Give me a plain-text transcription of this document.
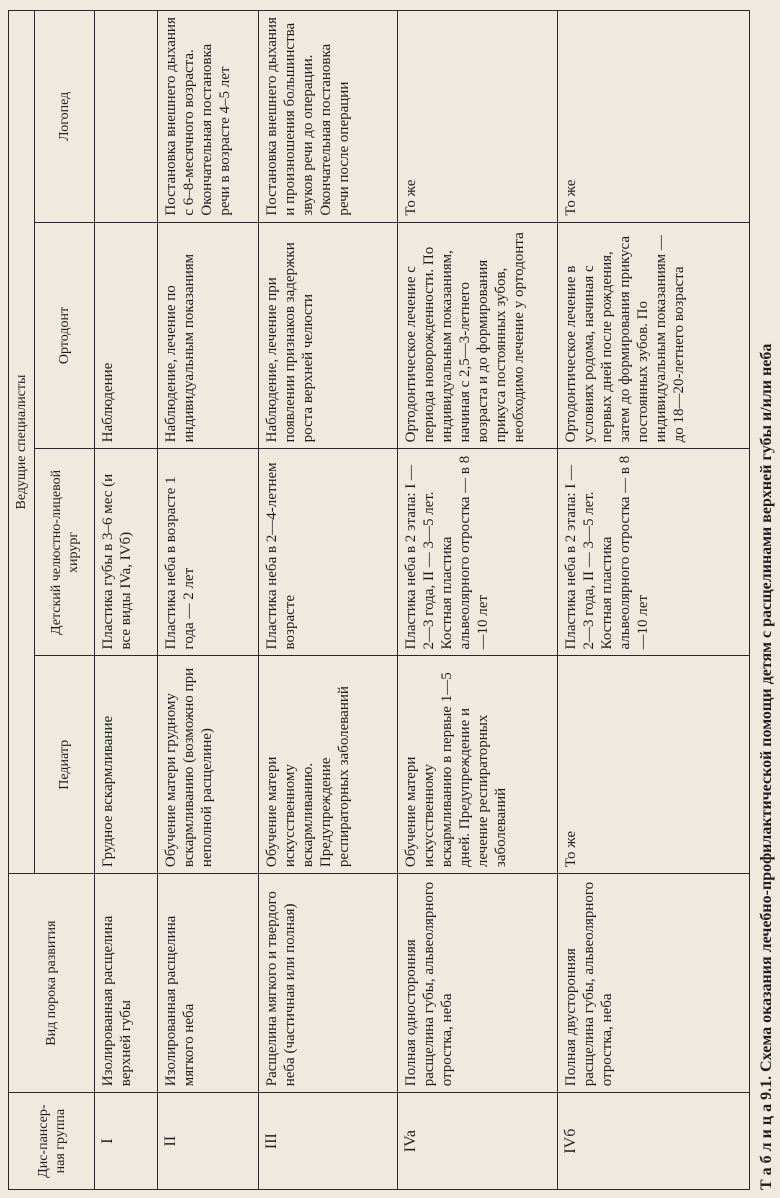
Дис-пансер-ная группа	Вид порока развития	Ведущие специалисты			
		Педиатр	Детский челюстно-лицевой хирург	Ортодонт	Логопед
I	Изолированная расщелина верхней губы	Грудное вскармливание	Пластика губы в 3–6 мес (и все виды IVa, IVб)	Наблюдение	
II	Изолированная расщелина мягкого неба	Обучение матери грудному вскармливанию (возможно при неполной расщелине)	Пластика неба в возрасте 1 года — 2 лет	Наблюдение, лечение по индивидуальным показаниям	Постановка внешнего дыхания с 6–8-месячного возраста. Окончательная постановка речи в возрасте 4–5 лет
III	Расщелина мягкого и твердого неба (частичная или полная)	Обучение матери искусственному вскармливанию. Предупреждение респираторных заболеваний	Пластика неба в 2—4-летнем возрасте	Наблюдение, лечение при появлении признаков задержки роста верхней челюсти	Постановка внешнего дыхания и произношения большинства звуков речи до операции. Окончательная постановка речи после операции
IVa	Полная односторонняя расщелина губы, альвеолярного отростка, неба	Обучение матери искусственному вскармливанию в первые 1—5 дней. Предупреждение и лечение респираторных заболеваний	Пластика неба в 2 этапа: I — 2—3 года, II — 3—5 лет. Костная пластика альвеолярного отростка — в 8—10 лет	Ортодонтическое лечение с периода новорожденности. По индивидуальным показаниям, начиная с 2,5—3-летнего возраста и до формирования прикуса постоянных зубов, необходимо лечение у ортодонта	То же
IVб	Полная двусторонняя расщелина губы, альвеолярного отростка, неба	То же	Пластика неба в 2 этапа: I — 2—3 года, II — 3—5 лет. Костная пластика альвеолярного отростка — в 8—10 лет	Ортодонтическое лечение в условиях родома, начиная с первых дней после рождения, затем до формирования прикуса постоянных зубов. По индивидуальным показаниям — до 18—20-летнего возраста	То же
Т а б л и ц а 9.1. Схема оказания лечебно-профилактической помощи детям с расщелинами верхней губы и/или неба
